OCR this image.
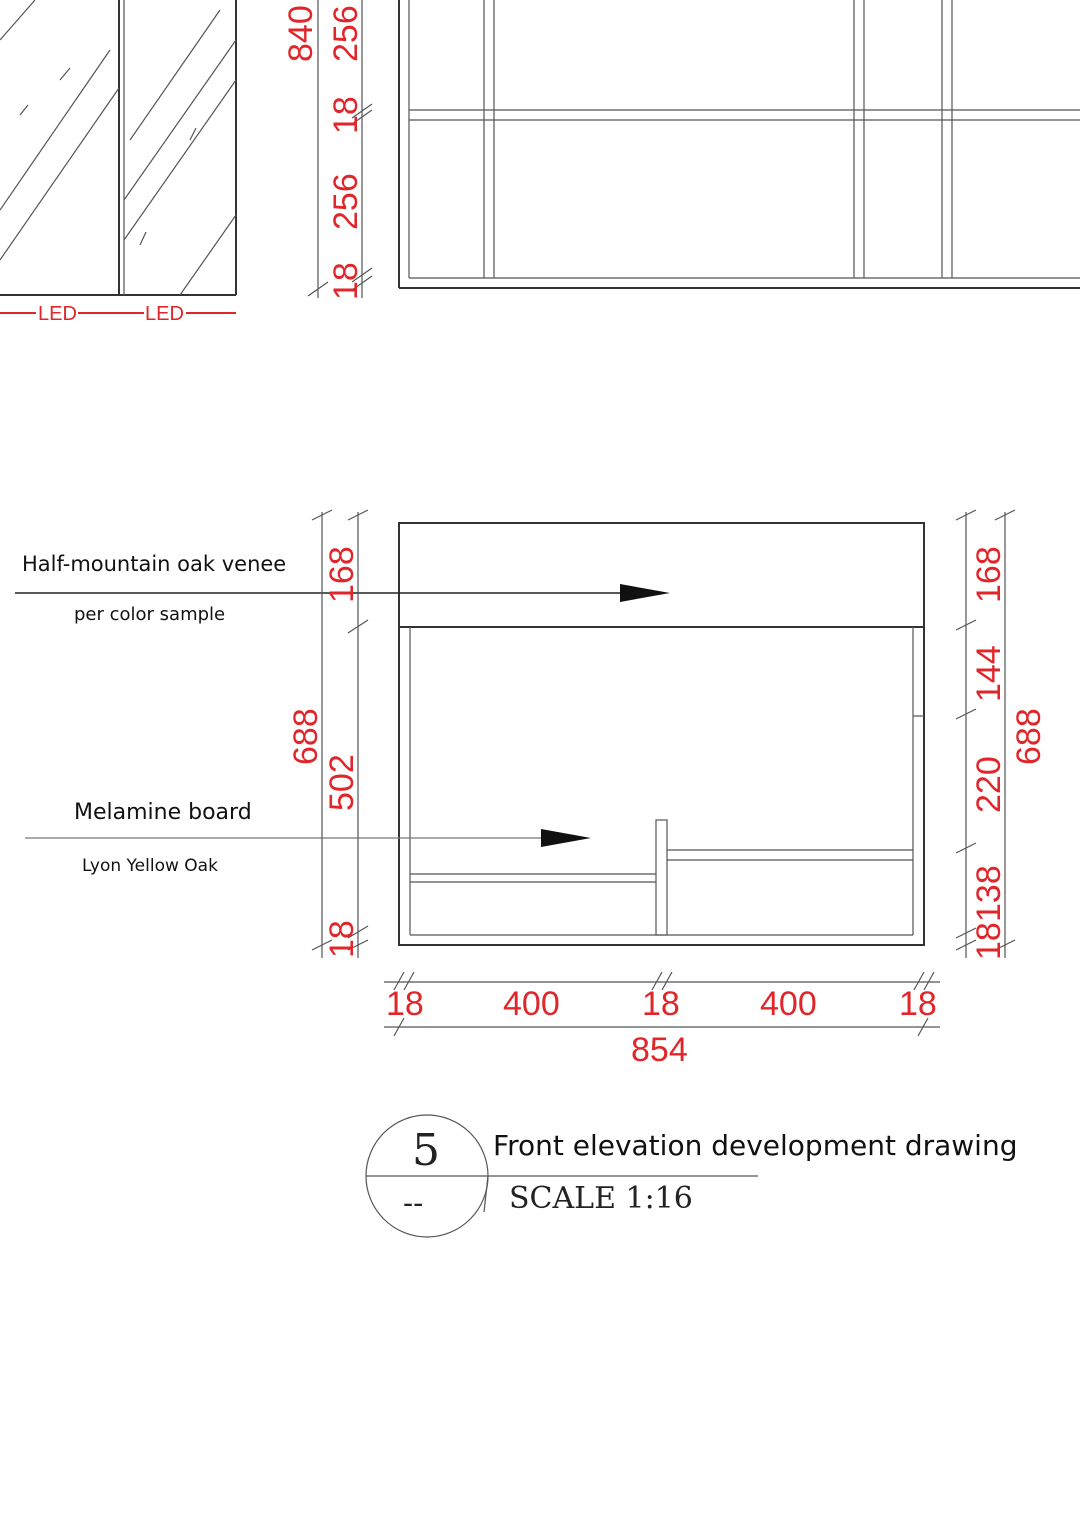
LED	LED
840 256
18
256
18
Half-mountain oak venee
per color sample
Melamine board
Lyon Yellow Oak
168
688
502
18
168
144
220
138
18
688
18 400 18 400 18
854
5
--
Front elevation development drawing
SCALE 1:16
